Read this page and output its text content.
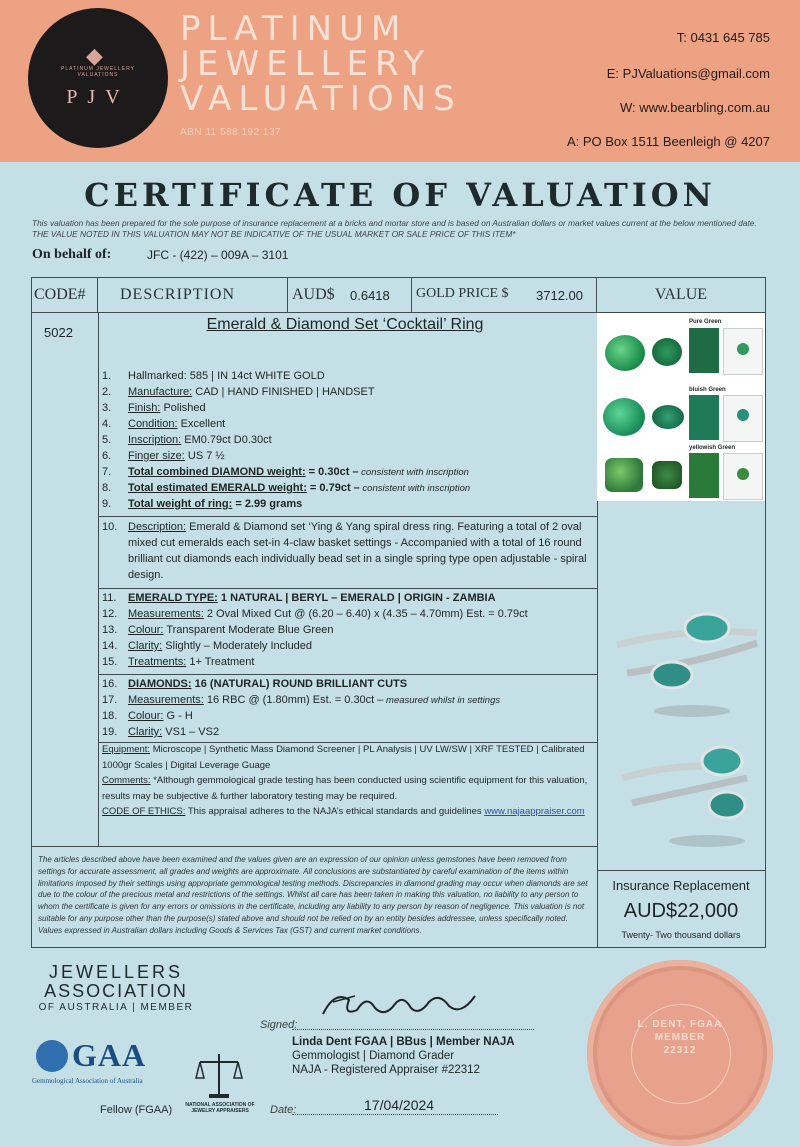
◆
PLATINUM JEWELLERY VALUATIONS
PJV
PLATINUM
JEWELLERY
VALUATIONS
ABN 11 588 192 137
T: 0431 645 785
E: PJValuations@gmail.com
W: www.bearbling.com.au
A: PO Box 1511 Beenleigh @ 4207
CERTIFICATE OF VALUATION
This valuation has been prepared for the sole purpose of insurance replacement at a bricks and mortar store and is based on Australian dollars or market values current at the below mentioned date.
THE VALUE NOTED IN THIS VALUATION MAY NOT BE INDICATIVE OF THE USUAL MARKET OR SALE PRICE OF THIS ITEM*
On behalf of:	JFC - (422) – 009A – 3101
CODE# DESCRIPTION	AUD$ 0.6418 GOLD PRICE $ 3712.00	VALUE
5022	Emerald & Diamond Set ‘Cocktail’ Ring
1.	Hallmarked: 585 | IN 14ct WHITE GOLD
2.	Manufacture: CAD | HAND FINISHED | HANDSET
3.	Finish: Polished
4.	Condition: Excellent
5.	Inscription: EM0.79ct D0.30ct
6.	Finger size: US 7 ½
7.	Total combined DIAMOND weight: = 0.30ct – consistent with inscription
8.	Total estimated EMERALD weight: = 0.79ct – consistent with inscription
9.	Total weight of ring: = 2.99 grams
10. Description: Emerald & Diamond set ‘Ying & Yang spiral dress ring. Featuring a total of 2 oval mixed cut emeralds each set-in 4-claw basket settings - Accompanied with a total of 16 round brilliant cut diamonds each individually bead set in a single spring type open adjustable - spiral design.
11.	EMERALD TYPE: 1 NATURAL | BERYL – EMERALD | ORIGIN - ZAMBIA
12. Measurements: 2 Oval Mixed Cut @ (6.20 – 6.40) x (4.35 – 4.70mm) Est. = 0.79ct
13. Colour: Transparent Moderate Blue Green
14. Clarity: Slightly – Moderately Included
15. Treatments: 1+ Treatment
16. DIAMONDS: 16 (NATURAL) ROUND BRILLIANT CUTS
17. Measurements: 16 RBC @ (1.80mm) Est. = 0.30ct – measured whilst in settings
18. Colour: G - H
19. Clarity: VS1 – VS2
Equipment: Microscope | Synthetic Mass Diamond Screener | PL Analysis | UV LW/SW | XRF TESTED | Calibrated 1000gr Scales | Digital Leverage Guage
Comments: *Although gemmological grade testing has been conducted using scientific equipment for this valuation, results may be subjective & further laboratory testing may be required.
CODE OF ETHICS: This appraisal adheres to the NAJA’s ethical standards and guidelines www.najaappraiser.com
Pure Green
bluish Green
yellowish Green
The articles described above have been examined and the values given are an expression of our opinion unless gemstones have been removed from settings for accurate assessment, all grades and weights are approximate. All conclusions are substantiated by careful examination of the items within limitations imposed by their settings using appropriate gemmological testing methods. Discrepancies in diamond grading may occur when diamonds are set due to the colour of the precious metal and restrictions of the settings. Whilst all care has been taken in making this valuation, no liability to any person to whom the certificate is given for any errors or omissions in the certificate, including any liability to any person by reason of negligence. This valuation is not suitable for any purpose other than the purpose(s) stated above and should not be relied on by an entity besides addressee, unless specifically noted. Values expressed in Australian dollars including Goods & Services Tax (GST) and current market conditions.
Insurance Replacement
AUD$22,000
Twenty- Two thousand dollars
JEWELLERS
ASSOCIATION
OF AUSTRALIA | MEMBER
GAA
Gemmological Association of Australia
Fellow (FGAA)	NATIONAL ASSOCIATION OF JEWELRY APPRAISERS
Signed:
Linda Dent FGAA | BBus | Member NAJA
Gemmologist | Diamond Grader
NAJA - Registered Appraiser #22312
Date:	17/04/2024
L. DENT, FGAA
MEMBER
22312
